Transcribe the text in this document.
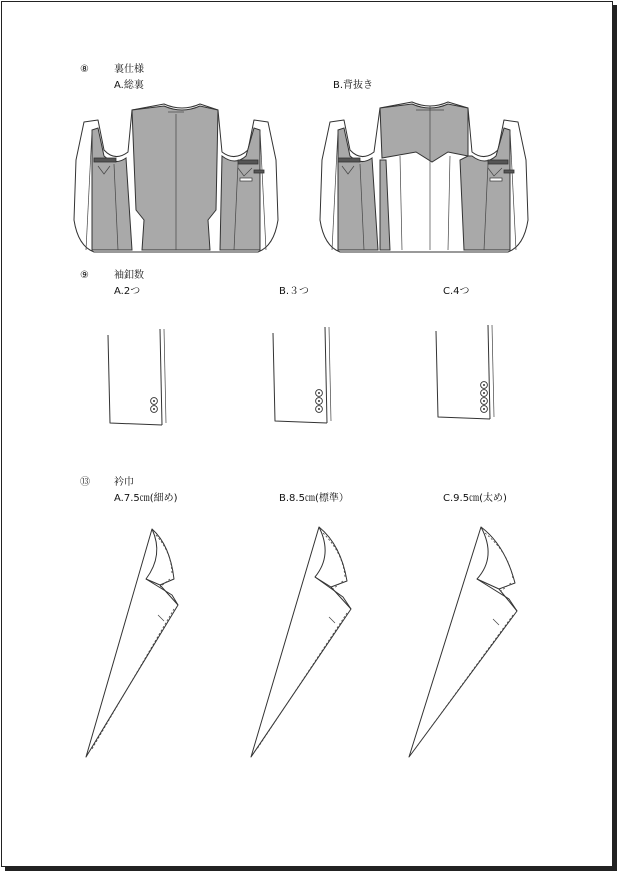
⑧	裏仕様
A.総裏	B.背抜き
⑨	袖釦数
A.2つ	B.３つ	C.4つ
⑬ 衿巾
A.7.5㎝(細め)	B.8.5㎝(標準）	C.9.5㎝(太め)
